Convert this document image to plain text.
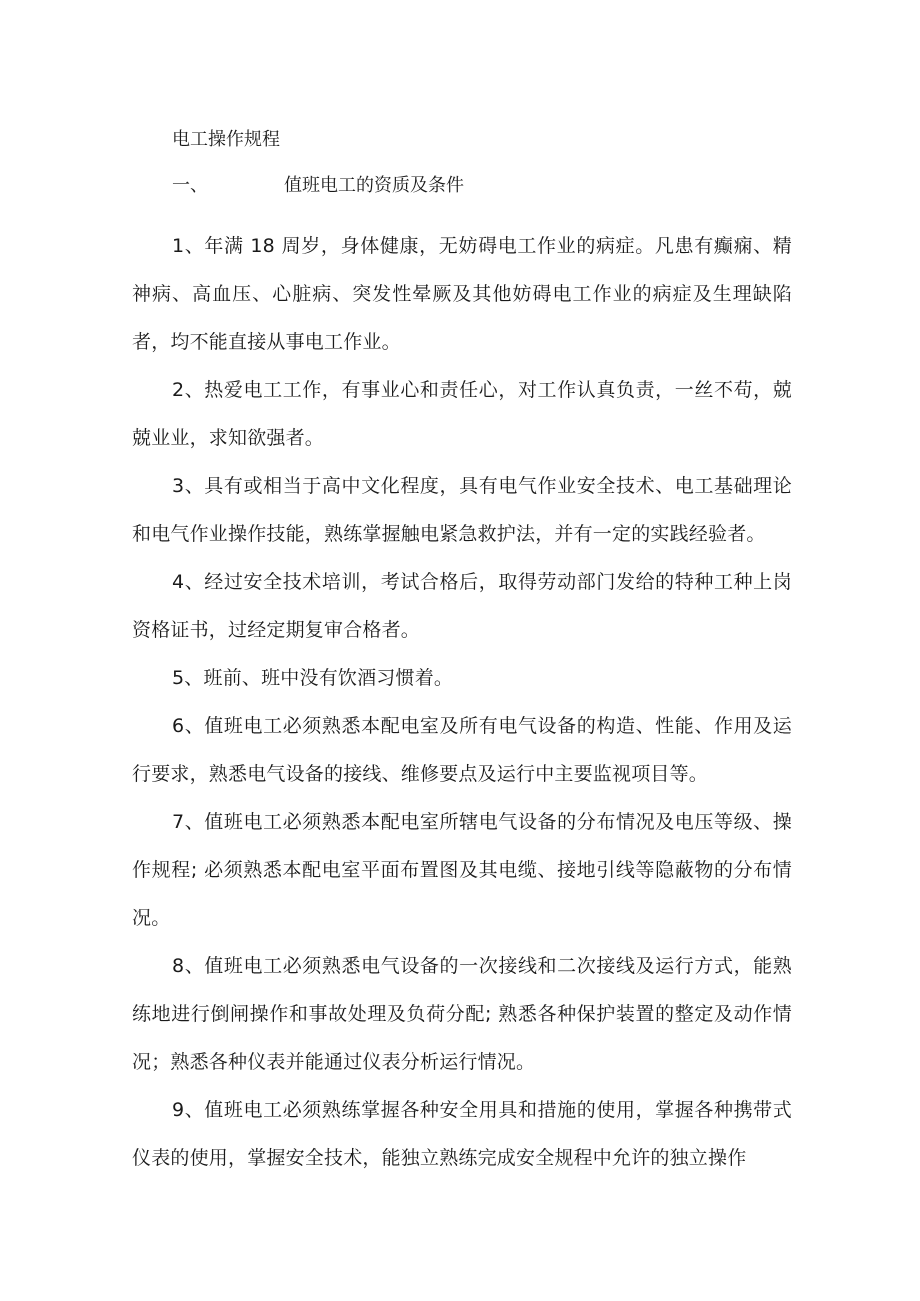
电工操作规程
一、	值班电工的资质及条件

1、年满 18 周岁，身体健康，无妨碍电工作业的病症。凡患有癫痫、精神病、高血压、心脏病、突发性晕厥及其他妨碍电工作业的病症及生理缺陷者，均不能直接从事电工作业。

2、热爱电工工作，有事业心和责任心，对工作认真负责，一丝不苟，兢兢业业，求知欲强者。

3、具有或相当于高中文化程度，具有电气作业安全技术、电工基础理论和电气作业操作技能，熟练掌握触电紧急救护法，并有一定的实践经验者。

4、经过安全技术培训，考试合格后，取得劳动部门发给的特种工种上岗资格证书，过经定期复审合格者。

5、班前、班中没有饮酒习惯着。

6、值班电工必须熟悉本配电室及所有电气设备的构造、性能、作用及运行要求，熟悉电气设备的接线、维修要点及运行中主要监视项目等。

7、值班电工必须熟悉本配电室所辖电气设备的分布情况及电压等级、操作规程; 必须熟悉本配电室平面布置图及其电缆、接地引线等隐蔽物的分布情况。

8、值班电工必须熟悉电气设备的一次接线和二次接线及运行方式，能熟练地进行倒闸操作和事故处理及负荷分配; 熟悉各种保护装置的整定及动作情况；熟悉各种仪表并能通过仪表分析运行情况。

9、值班电工必须熟练掌握各种安全用具和措施的使用，掌握各种携带式仪表的使用，掌握安全技术，能独立熟练完成安全规程中允许的独立操作
